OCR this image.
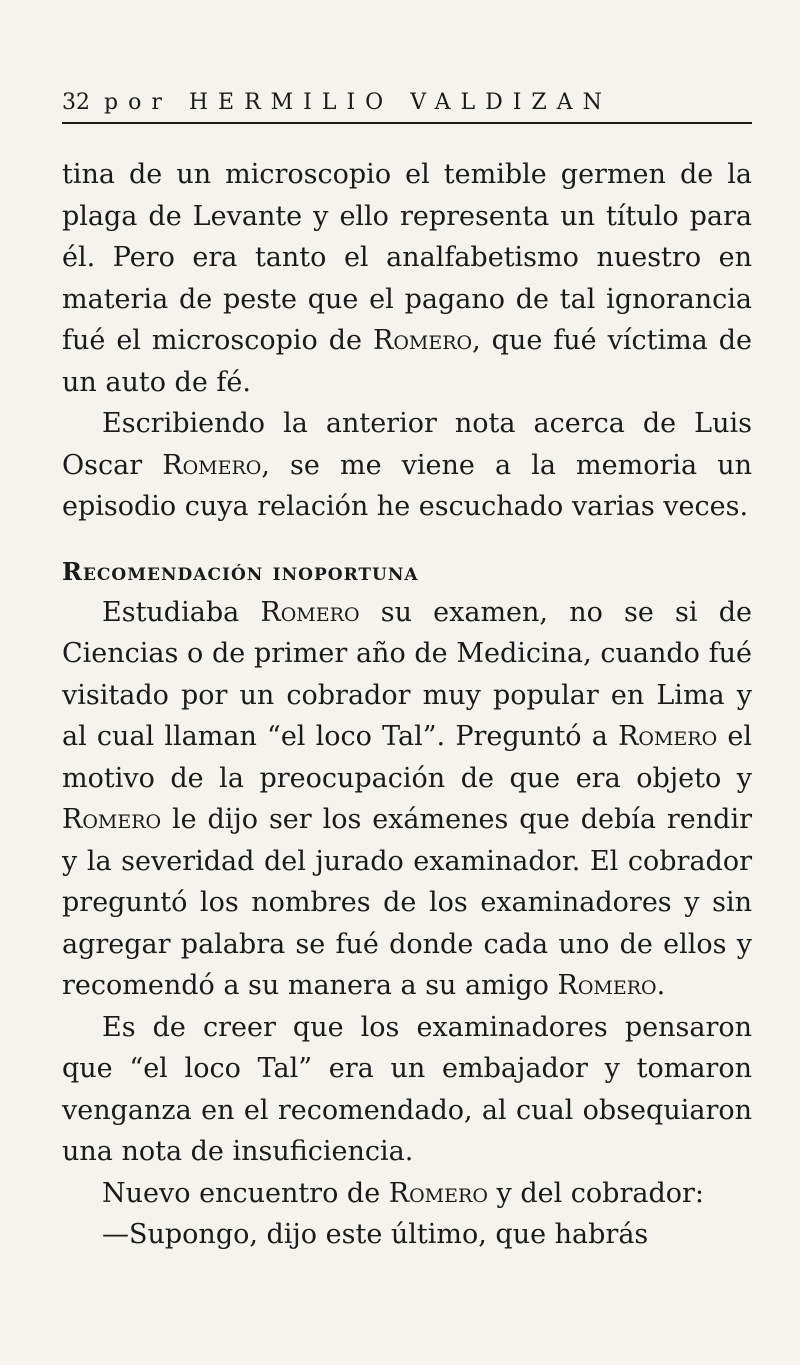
32 por HERMILIO VALDIZAN

tina de un microscopio el temible germen de la plaga de Levante y ello representa un título para él. Pero era tanto el analfabetismo nuestro en materia de peste que el pagano de tal ignorancia fué el microscopio de Romero, que fué víctima de un auto de fé.

Escribiendo la anterior nota acerca de Luis Oscar Romero, se me viene a la memoria un episodio cuya relación he escuchado varias veces.

Recomendación inoportuna

Estudiaba Romero su examen, no se si de Ciencias o de primer año de Medicina, cuando fué visitado por un cobrador muy popular en Lima y al cual llaman “el loco Tal”. Preguntó a Romero el motivo de la preocupación de que era objeto y Romero le dijo ser los exámenes que debía rendir y la severidad del jurado examinador. El cobrador preguntó los nombres de los examinadores y sin agregar palabra se fué donde cada uno de ellos y recomendó a su manera a su amigo Romero.

Es de creer que los examinadores pensaron que “el loco Tal” era un embajador y tomaron venganza en el recomendado, al cual obsequiaron una nota de insuficiencia.

Nuevo encuentro de Romero y del cobrador:

—Supongo, dijo este último, que habrás
